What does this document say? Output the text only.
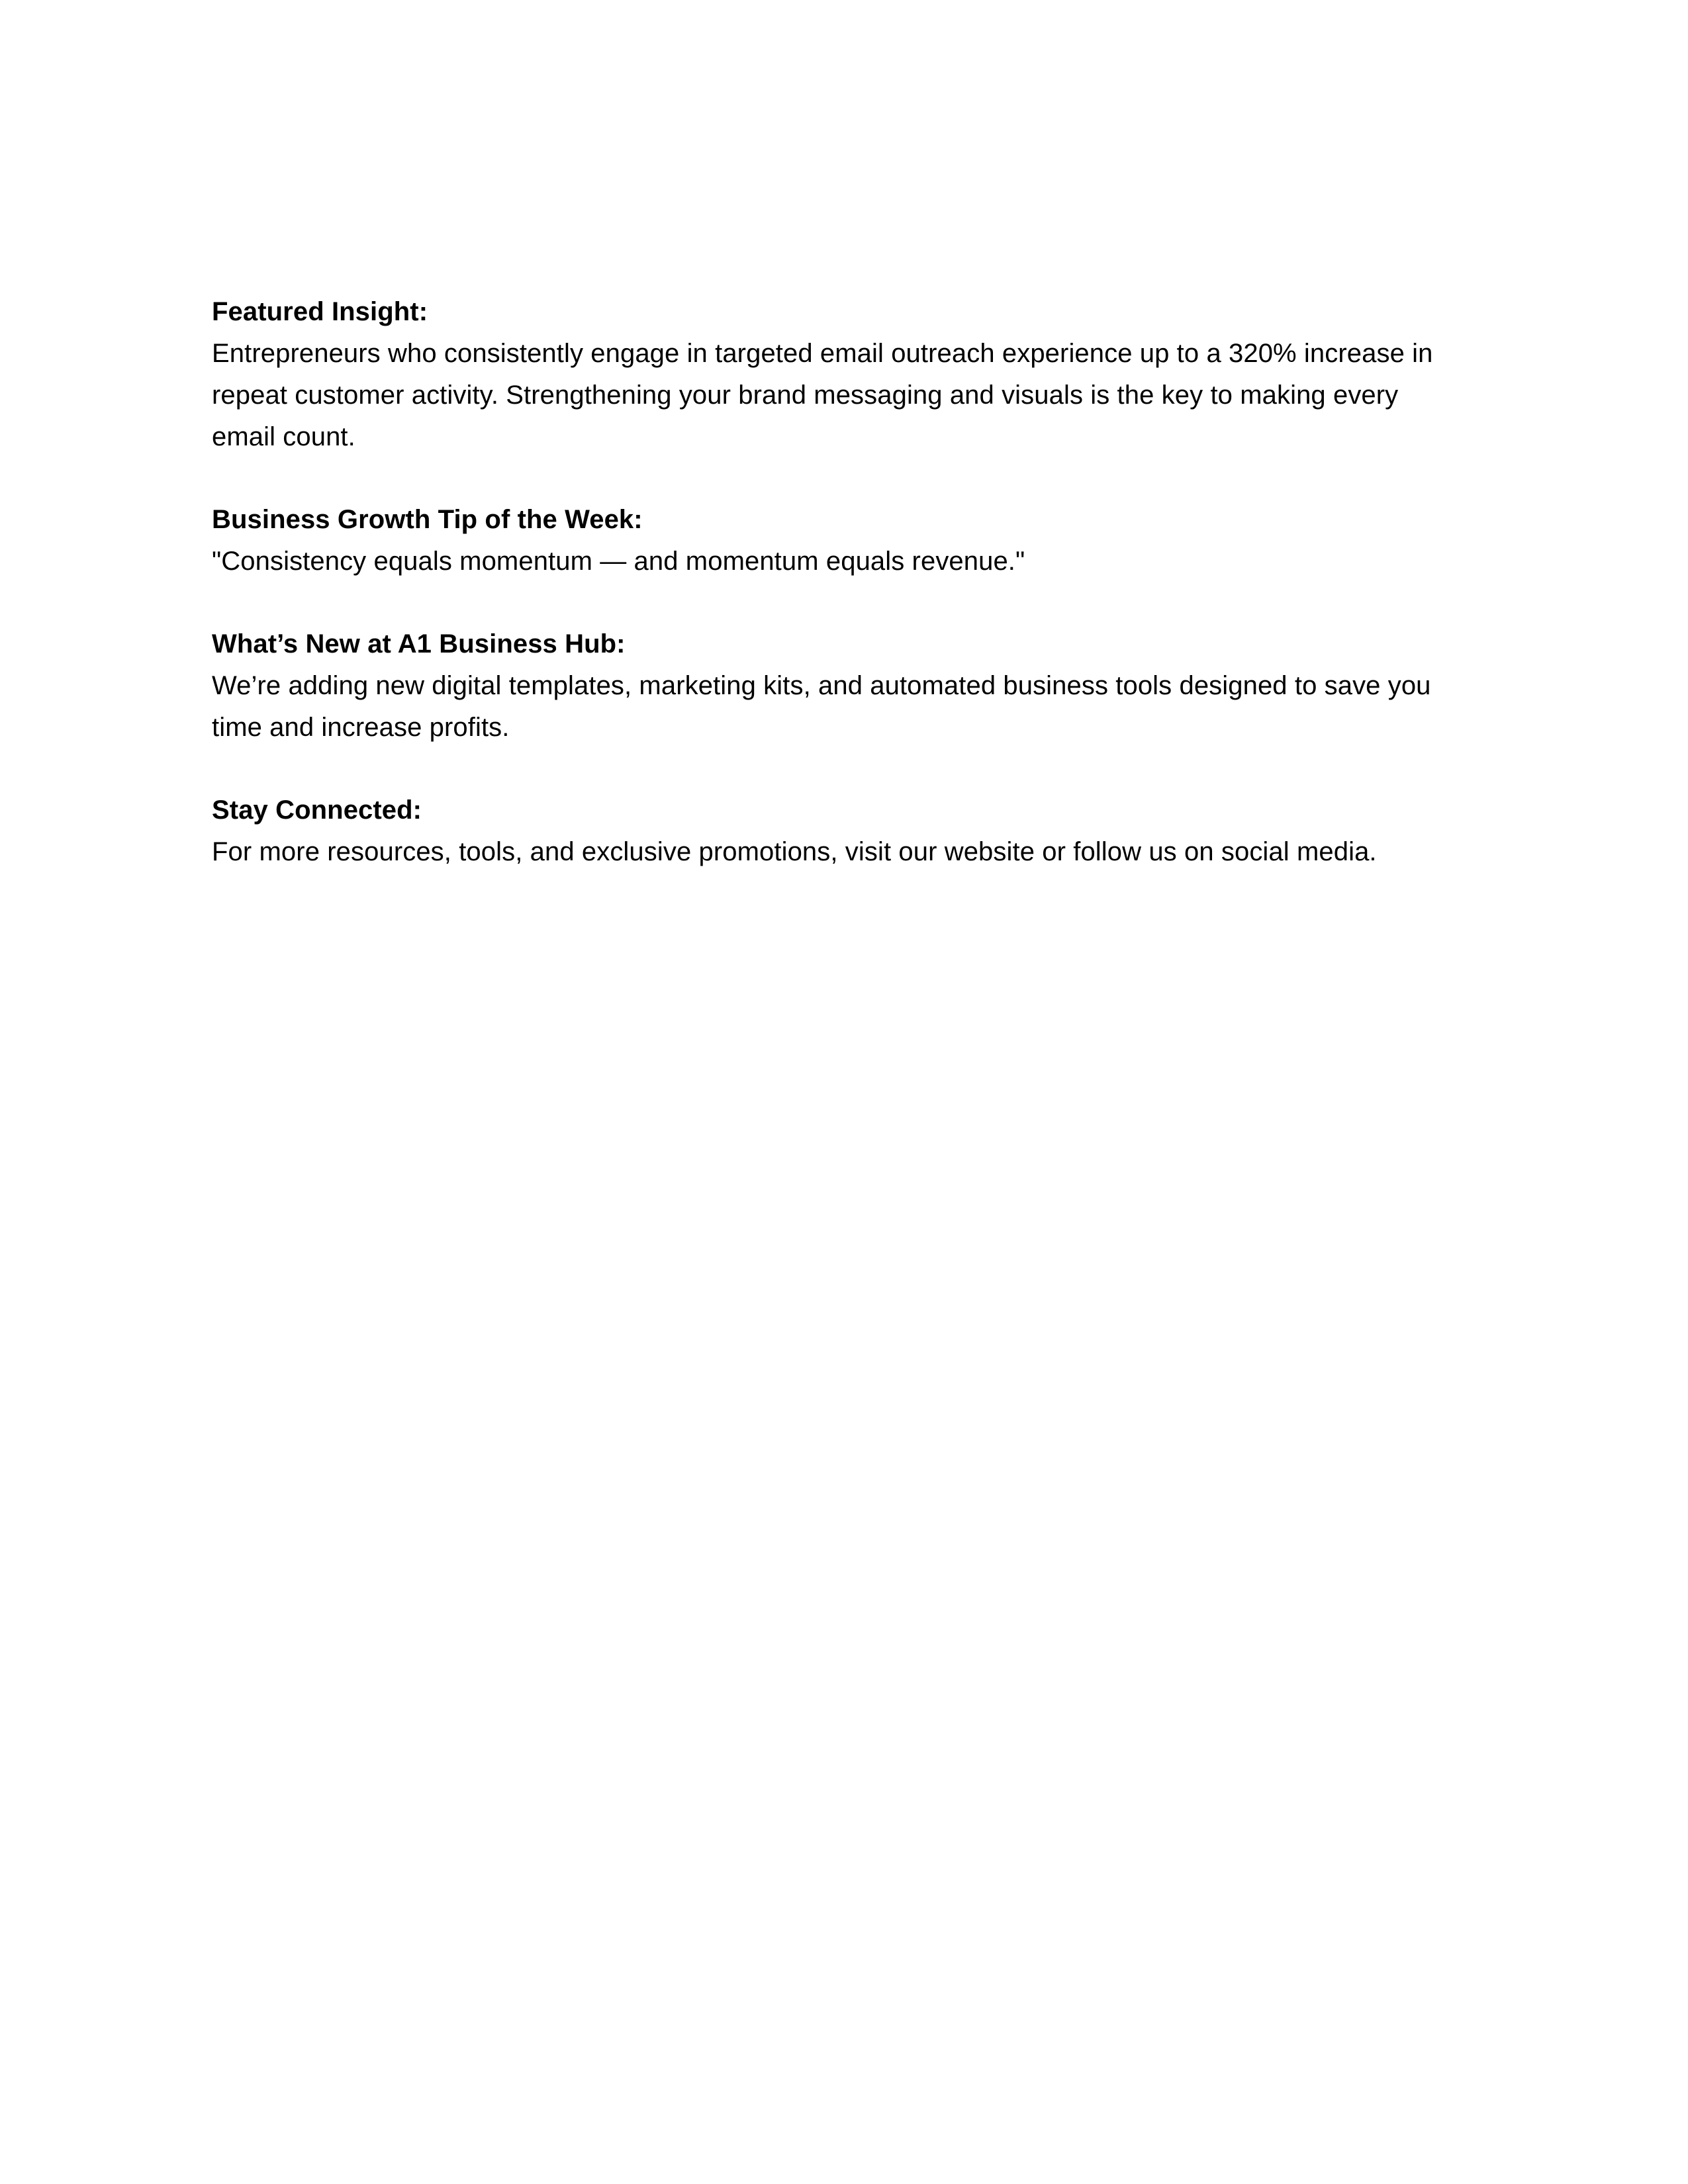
Featured Insight:

Entrepreneurs who consistently engage in targeted email outreach experience up to a 320% increase in repeat customer activity. Strengthening your brand messaging and visuals is the key to making every email count.

Business Growth Tip of the Week:

"Consistency equals momentum — and momentum equals revenue."

What’s New at A1 Business Hub:

We’re adding new digital templates, marketing kits, and automated business tools designed to save you time and increase profits.

Stay Connected:

For more resources, tools, and exclusive promotions, visit our website or follow us on social media.
